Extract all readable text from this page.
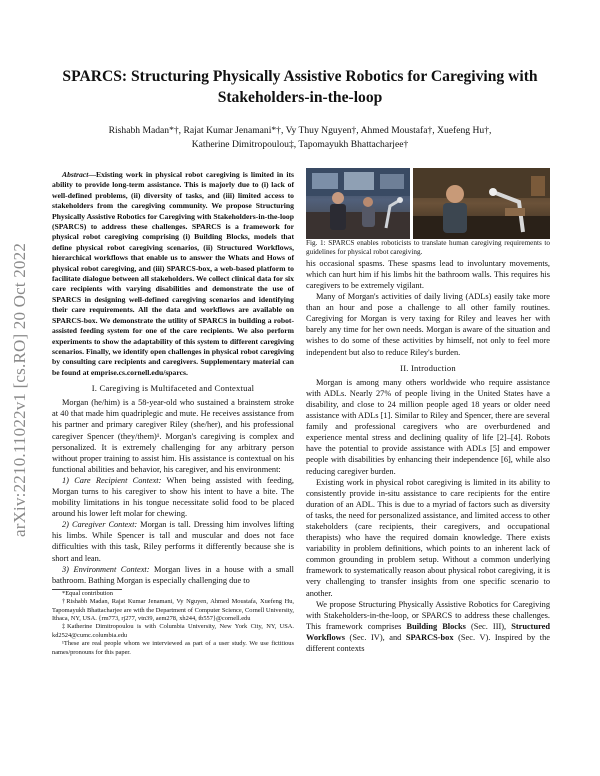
arXiv:2210.11022v1 [cs.RO] 20 Oct 2022
SPARCS: Structuring Physically Assistive Robotics for Caregiving with Stakeholders-in-the-loop
Rishabh Madan*†, Rajat Kumar Jenamani*†, Vy Thuy Nguyen†, Ahmed Moustafa†, Xuefeng Hu†,
Katherine Dimitropoulou‡, Tapomayukh Bhattacharjee†

Abstract—Existing work in physical robot caregiving is limited in its ability to provide long-term assistance. This is majorly due to (i) lack of well-defined problems, (ii) diversity of tasks, and (iii) limited access to stakeholders from the caregiving community. We propose Structuring Physically Assistive Robotics for Caregiving with Stakeholders-in-the-loop (SPARCS) to address these challenges. SPARCS is a framework for physical robot caregiving comprising (i) Building Blocks, models that define physical robot caregiving scenarios, (ii) Structured Workflows, hierarchical workflows that enable us to answer the Whats and Hows of physical robot caregiving, and (iii) SPARCS-box, a web-based platform to facilitate dialogue between all stakeholders. We collect clinical data for six care recipients with varying disabilities and demonstrate the use of SPARCS in designing well-defined caregiving scenarios and identifying their care requirements. All the data and workflows are available on SPARCS-box. We demonstrate the utility of SPARCS in building a robot-assisted feeding system for one of the care recipients. We also perform experiments to show the adaptability of this system to different caregiving scenarios. Finally, we identify open challenges in physical robot caregiving by consulting care recipients and caregivers. Supplementary material can be found at emprise.cs.cornell.edu/sparcs.

I. Caregiving is Multifaceted and Contextual

Morgan (he/him) is a 58-year-old who sustained a brainstem stroke at 40 that made him quadriplegic and mute. He receives assistance from his partner and primary caregiver Riley (she/her), and his professional caregiver Spencer (they/them)¹. Morgan's caregiving is complex and personalized. It is extremely challenging for any arbitrary person without proper training to assist him. His assistance is contextual on his functional abilities and behavior, his caregiver, and his environment:

1) Care Recipient Context: When being assisted with feeding, Morgan turns to his caregiver to show his intent to have a bite. The mobility limitations in his tongue necessitate solid food to be placed around his lower left molar for chewing.

2) Caregiver Context: Morgan is tall. Dressing him involves lifting his limbs. While Spencer is tall and muscular and does not face difficulties with this task, Riley performs it differently because she is short and lean.

3) Environment Context: Morgan lives in a house with a small bathroom. Bathing Morgan is especially challenging due to

*Equal contribution

†Rishabh Madan, Rajat Kumar Jenamani, Vy Nguyen, Ahmed Moustafa, Xuefeng Hu, Tapomayukh Bhattacharjee are with the Department of Computer Science, Cornell University, Ithaca, NY, USA. {rm773, rj277, vtn39, aem278, xh244, tb557}@cornell.edu

‡Katherine Dimitropoulou is with Columbia University, New York City, NY, USA. kd2524@cumc.columbia.edu

¹These are real people whom we interviewed as part of a user study. We use fictitious names/pronouns for this paper.

Fig. 1: SPARCS enables roboticists to translate human caregiving requirements to guidelines for physical robot caregiving.

his occasional spasms. These spasms lead to involuntary movements, which can hurt him if his limbs hit the bathroom walls. This requires his caregivers to be extremely vigilant.

Many of Morgan's activities of daily living (ADLs) easily take more than an hour and pose a challenge to all other family routines. Caregiving for Morgan is very taxing for Riley and leaves her with barely any time for her own needs. Morgan is aware of the situation and wishes to do some of these activities by himself, not only to feel more independent but also to reduce Riley's burden.

II. Introduction

Morgan is among many others worldwide who require assistance with ADLs. Nearly 27% of people living in the United States have a disability, and close to 24 million people aged 18 years or older need assistance with ADLs [1]. Similar to Riley and Spencer, there are several family and professional caregivers who are overburdened and experience mental stress and declining quality of life [2]–[4]. Robots have the potential to provide assistance with ADLs [5] and empower people with disabilities by enhancing their independence [6], while also reducing caregiver burden.

Existing work in physical robot caregiving is limited in its ability to consistently provide in-situ assistance to care recipients for the entire duration of an ADL. This is due to a myriad of factors such as diversity of tasks, the need for personalized assistance, and limited access to other stakeholders (care recipients, their caregivers, and occupational therapists) who have the required domain knowledge. There exists variability in problem definitions, which points to an inherent lack of common grounding in problem setup. Without a common underlying framework to systematically reason about physical robot caregiving, it is very challenging to transfer insights from one specific scenario to another.

We propose Structuring Physically Assistive Robotics for Caregiving with Stakeholders-in-the-loop, or SPARCS to address these challenges. This framework comprises Building Blocks (Sec. III), Structured Workflows (Sec. IV), and SPARCS-box (Sec. V). Inspired by the different contexts
